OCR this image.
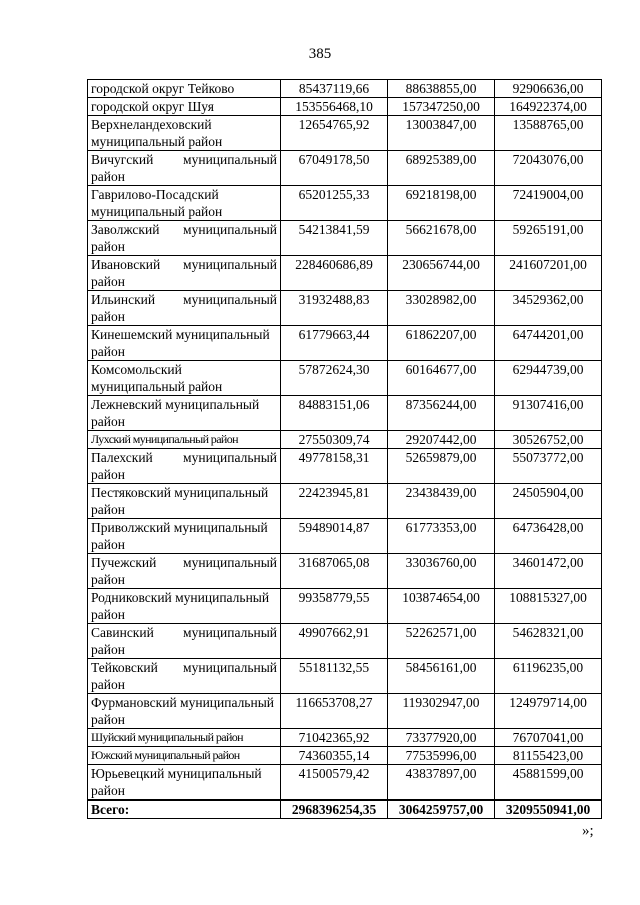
385
городской округ Тейково	85437119,66	88638855,00	92906636,00
городской округ Шуя	153556468,10	157347250,00	164922374,00
Верхнеландеховский муниципальный район	12654765,92	13003847,00	13588765,00
Вичугский муниципальный район	67049178,50	68925389,00	72043076,00
Гаврилово-Посадский муниципальный район	65201255,33	69218198,00	72419004,00
Заволжский муниципальный район	54213841,59	56621678,00	59265191,00
Ивановский муниципальный район	228460686,89	230656744,00	241607201,00
Ильинский муниципальный район	31932488,83	33028982,00	34529362,00
Кинешемский муниципальный район	61779663,44	61862207,00	64744201,00
Комсомольский муниципальный район	57872624,30	60164677,00	62944739,00
Лежневский муниципальный район	84883151,06	87356244,00	91307416,00
Лухский муниципальный район	27550309,74	29207442,00	30526752,00
Палехский муниципальный район	49778158,31	52659879,00	55073772,00
Пестяковский муниципальный район	22423945,81	23438439,00	24505904,00
Приволжский муниципальный район	59489014,87	61773353,00	64736428,00
Пучежский муниципальный район	31687065,08	33036760,00	34601472,00
Родниковский муниципальный район	99358779,55	103874654,00	108815327,00
Савинский муниципальный район	49907662,91	52262571,00	54628321,00
Тейковский муниципальный район	55181132,55	58456161,00	61196235,00
Фурмановский муниципальный район	116653708,27	119302947,00	124979714,00
Шуйский муниципальный район	71042365,92	73377920,00	76707041,00
Южский муниципальный район	74360355,14	77535996,00	81155423,00
Юрьевецкий муниципальный район	41500579,42	43837897,00	45881599,00
Всего:	2968396254,35	3064259757,00	3209550941,00
»;
